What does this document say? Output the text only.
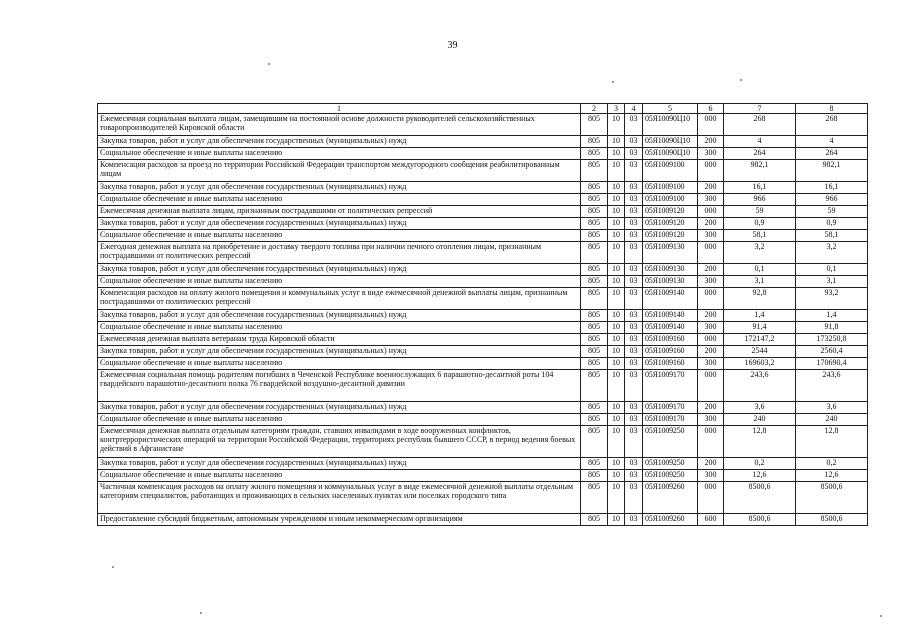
39
1	2	3	4	5	6	7	8
Ежемесячная социальная выплата лицам, замещавшим на постоянной основе должности руководителей сельскохозяйственных товаропроизводителей Кировской области	805	10	03	05Я10090Ц10	000	268	268
Закупка товаров, работ и услуг для обеспечения государственных (муниципальных) нужд	805	10	03	05Я10090Ц10	200	4	4
Социальное обеспечение и иные выплаты населению	805	10	03	05Я10090Ц10	300	264	264
Компенсация расходов за проезд по территории Российской Федерации транспортом междугородного сообщения реабилитированным лицам	805	10	03	05Я1009100	000	982,1	982,1
Закупка товаров, работ и услуг для обеспечения государственных (муниципальных) нужд	805	10	03	05Я1009100	200	16,1	16,1
Социальное обеспечение и иные выплаты населению	805	10	03	05Я1009100	300	966	966
Ежемесячная денежная выплата лицам, признанным пострадавшими от политических репрессий	805	10	03	05Я1009120	000	59	59
Закупка товаров, работ и услуг для обеспечения государственных (муниципальных) нужд	805	10	03	05Я1009120	200	0,9	0,9
Социальное обеспечение и иные выплаты населению	805	10	03	05Я1009120	300	58,1	58,1
Ежегодная денежная выплата на приобретение и доставку твердого топлива при наличии печного отопления лицам, признанным пострадавшими от политических репрессий	805	10	03	05Я1009130	000	3,2	3,2
Закупка товаров, работ и услуг для обеспечения государственных (муниципальных) нужд	805	10	03	05Я1009130	200	0,1	0,1
Социальное обеспечение и иные выплаты населению	805	10	03	05Я1009130	300	3,1	3,1
Компенсация расходов на оплату жилого помещения и коммунальных услуг в виде ежемесячной денежной выплаты лицам, признанным пострадавшими от политических репрессий	805	10	03	05Я1009140	000	92,8	93,2
Закупка товаров, работ и услуг для обеспечения государственных (муниципальных) нужд	805	10	03	05Я1009140	200	1,4	1,4
Социальное обеспечение и иные выплаты населению	805	10	03	05Я1009140	300	91,4	91,8
Ежемесячная денежная выплата ветеранам труда Кировской области	805	10	03	05Я1009160	000	172147,2	173250,8
Закупка товаров, работ и услуг для обеспечения государственных (муниципальных) нужд	805	10	03	05Я1009160	200	2544	2560,4
Социальное обеспечение и иные выплаты населению	805	10	03	05Я1009160	300	169603,2	170690,4
Ежемесячная социальная помощь родителям погибших в Чеченской Республике военнослужащих 6 парашютно-десантной роты 104 гвардейского парашютно-десантного полка 76 гвардейской воздушно-десантной дивизии	805	10	03	05Я1009170	000	243,6	243,6
Закупка товаров, работ и услуг для обеспечения государственных (муниципальных) нужд	805	10	03	05Я1009170	200	3,6	3,6
Социальное обеспечение и иные выплаты населению	805	10	03	05Я1009170	300	240	240
Ежемесячная денежная выплата отдельным категориям граждан, ставших инвалидами в ходе вооруженных конфликтов, контртеррористических операций на территории Российской Федерации, территориях республик бывшего СССР, в период ведения боевых действий в Афганистане	805	10	03	05Я1009250	000	12,8	12,8
Закупка товаров, работ и услуг для обеспечения государственных (муниципальных) нужд	805	10	03	05Я1009250	200	0,2	0,2
Социальное обеспечение и иные выплаты населению	805	10	03	05Я1009250	300	12,6	12,6
Частичная компенсация расходов на оплату жилого помещения и коммунальных услуг в виде ежемесячной денежной выплаты отдельным категориям специалистов, работающих и проживающих в сельских населенных пунктах или поселках городского типа	805	10	03	05Я1009260	000	8500,6	8500,6
Предоставление субсидий бюджетным, автономным учреждениям и иным некоммерческим организациям	805	10	03	05Я1009260	600	8500,6	8500,6
